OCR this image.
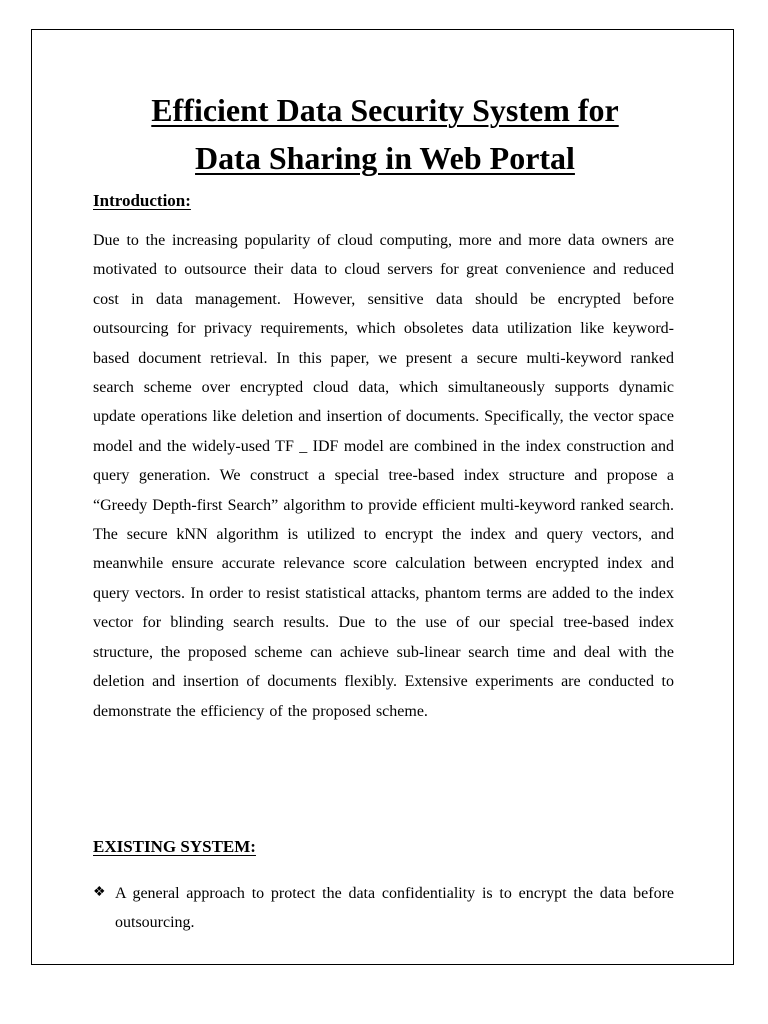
Efficient Data Security System for
Data Sharing in Web Portal
Introduction:

Due to the increasing popularity of cloud computing, more and more data owners are motivated to outsource their data to cloud servers for great convenience and reduced cost in data management. However, sensitive data should be encrypted before outsourcing for privacy requirements, which obsoletes data utilization like keyword-based document retrieval. In this paper, we present a secure multi-keyword ranked search scheme over encrypted cloud data, which simultaneously supports dynamic update operations like deletion and insertion of documents. Specifically, the vector space model and the widely-used TF _ IDF model are combined in the index construction and query generation. We construct a special tree-based index structure and propose a “Greedy Depth-first Search” algorithm to provide efficient multi-keyword ranked search. The secure kNN algorithm is utilized to encrypt the index and query vectors, and meanwhile ensure accurate relevance score calculation between encrypted index and query vectors. In order to resist statistical attacks, phantom terms are added to the index vector for blinding search results. Due to the use of our special tree-based index structure, the proposed scheme can achieve sub-linear search time and deal with the deletion and insertion of documents flexibly. Extensive experiments are conducted to demonstrate the efficiency of the proposed scheme.

EXISTING SYSTEM:
❖ A general approach to protect the data confidentiality is to encrypt the data before outsourcing.
